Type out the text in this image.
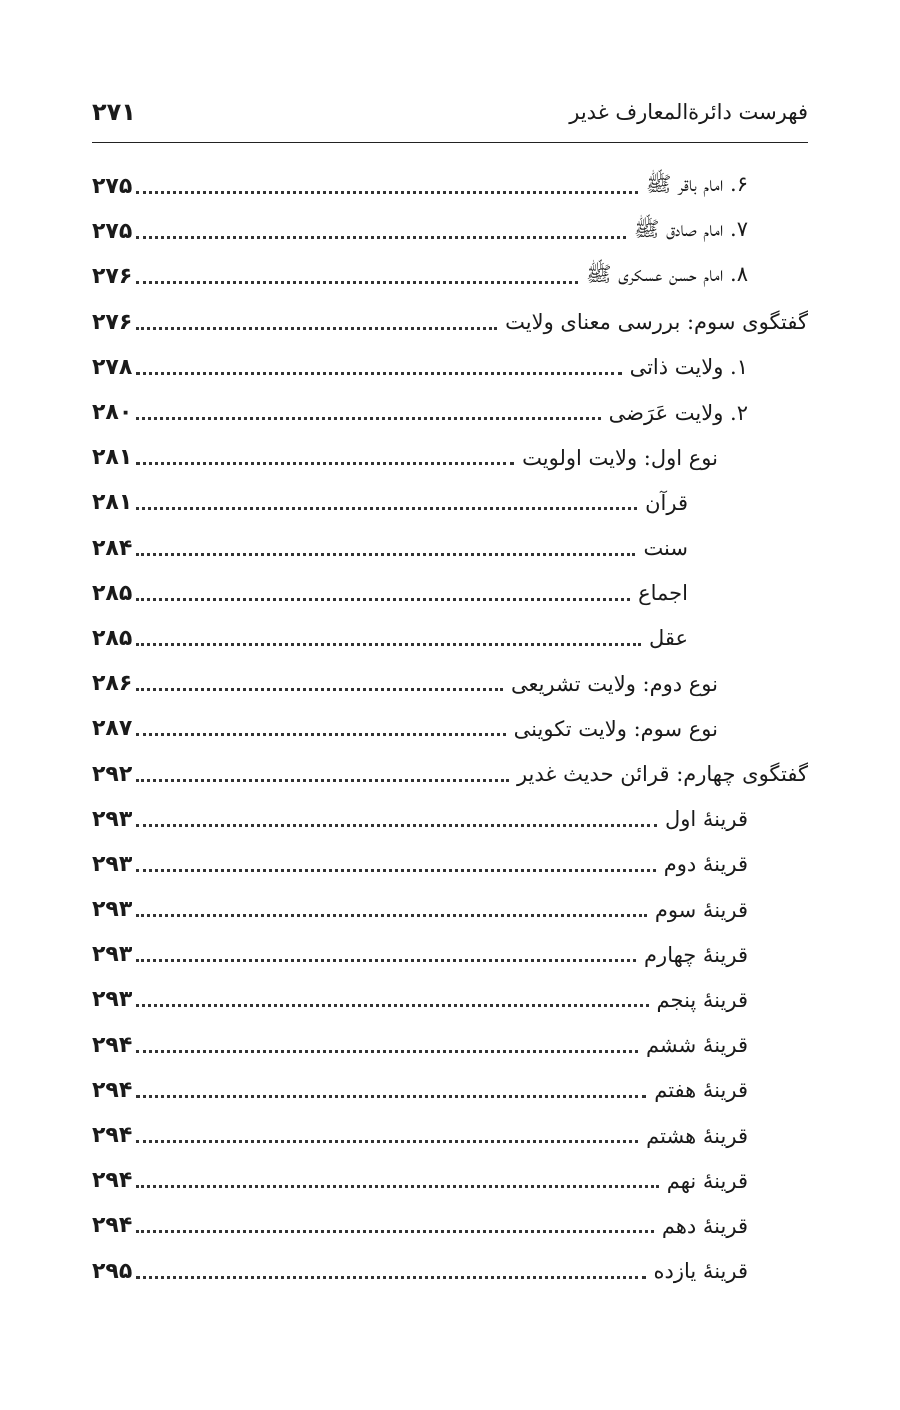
۲۷۱	فهرست دائرةالمعارف غدیر
۶. امام باقر ﷺ
۲۷۵
۷. امام صادق ﷺ
۲۷۵
۸. امام حسن عسکری ﷺ
۲۷۶
گفتگوی سوم: بررسی معنای ولایت
۲۷۶
۱. ولایت ذاتی
۲۷۸
۲. ولایت عَرَضی
۲۸۰
نوع اول: ولایت اولویت
۲۸۱
قرآن
۲۸۱
سنت
۲۸۴
اجماع
۲۸۵
عقل
۲۸۵
نوع دوم: ولایت تشریعی
۲۸۶
نوع سوم: ولایت تکوینی
۲۸۷
گفتگوی چهارم: قرائن حدیث غدیر
۲۹۲
قرینۀ اول
۲۹۳
قرینۀ دوم
۲۹۳
قرینۀ سوم
۲۹۳
قرینۀ چهارم
۲۹۳
قرینۀ پنجم
۲۹۳
قرینۀ ششم
۲۹۴
قرینۀ هفتم
۲۹۴
قرینۀ هشتم
۲۹۴
قرینۀ نهم
۲۹۴
قرینۀ دهم
۲۹۴
قرینۀ یازده
۲۹۵
